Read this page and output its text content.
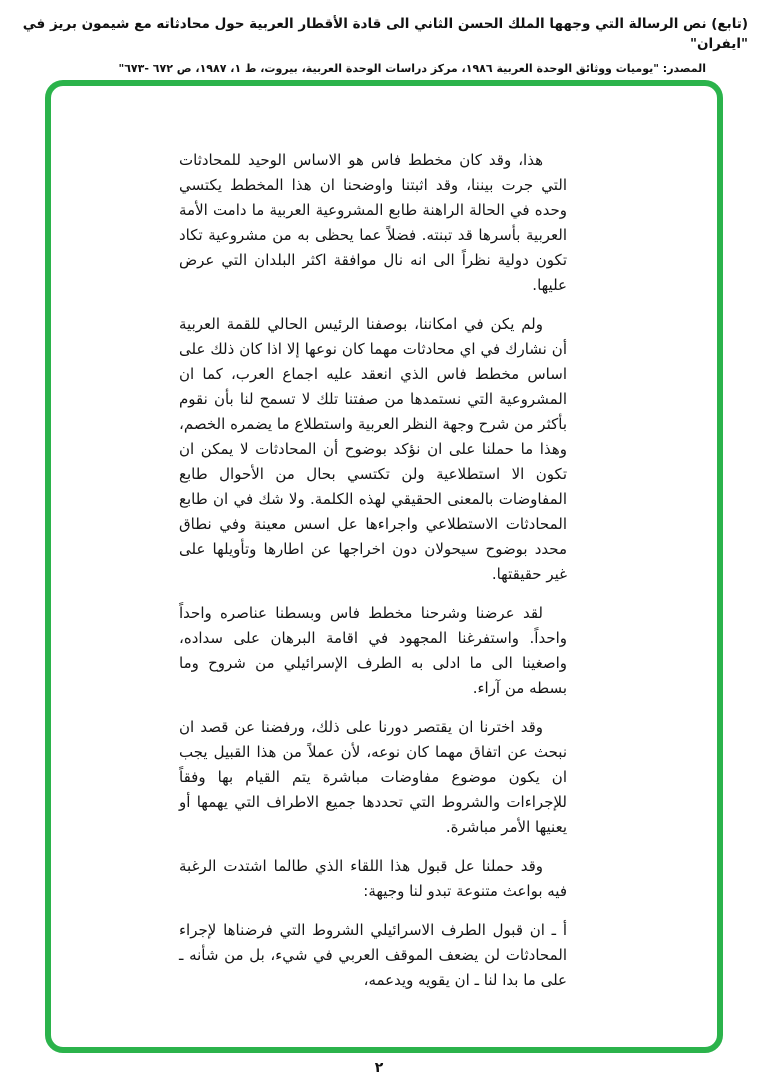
(تابع) نص الرسالة التي وجهها الملك الحسن الثاني الى قادة الأقطار العربية حول محادثاته مع شيمون بريز في "ايفران"
المصدر: "يوميات ووثائق الوحدة العربية ١٩٨٦، مركز دراسات الوحدة العربية، بيروت، ط ١، ١٩٨٧، ص ٦٧٢ -٦٧٣"

هذا، وقد كان مخطط فاس هو الاساس الوحيد للمحادثات التي جرت بيننا، وقد اثبتنا واوضحنا ان هذا المخطط يكتسي وحده في الحالة الراهنة طابع المشروعية العربية ما دامت الأمة العربية بأسرها قد تبنته. فضلاً عما يحظى به من مشروعية تكاد تكون دولية نظراً الى انه نال موافقة اكثر البلدان التي عرض عليها.

ولم يكن في امكاننا، بوصفنا الرئيس الحالي للقمة العربية أن نشارك في اي محادثات مهما كان نوعها إلا اذا كان ذلك على اساس مخطط فاس الذي انعقد عليه اجماع العرب، كما ان المشروعية التي نستمدها من صفتنا تلك لا تسمح لنا بأن نقوم بأكثر من شرح وجهة النظر العربية واستطلاع ما يضمره الخصم، وهذا ما حملنا على ان نؤكد بوضوح أن المحادثات لا يمكن ان تكون الا استطلاعية ولن تكتسي بحال من الأحوال طابع المفاوضات بالمعنى الحقيقي لهذه الكلمة. ولا شك في ان طابع المحادثات الاستطلاعي واجراءها عل اسس معينة وفي نطاق محدد بوضوح سيحولان دون اخراجها عن اطارها وتأويلها على غير حقيقتها.

لقد عرضنا وشرحنا مخطط فاس وبسطنا عناصره واحداً واحداً. واستفرغنا المجهود في اقامة البرهان على سداده، واصغينا الى ما ادلى به الطرف الإسرائيلي من شروح وما بسطه من آراء.

وقد اخترنا ان يقتصر دورنا على ذلك، ورفضنا عن قصد ان نبحث عن اتفاق مهما كان نوعه، لأن عملاً من هذا القبيل يجب ان يكون موضوع مفاوضات مباشرة يتم القيام بها وفقاً للإجراءات والشروط التي تحددها جميع الاطراف التي يهمها أو يعنيها الأمر مباشرة.

وقد حملنا عل قبول هذا اللقاء الذي طالما اشتدت الرغبة فيه بواعث متنوعة تبدو لنا وجيهة:

أ ـ ان قبول الطرف الاسرائيلي الشروط التي فرضناها لإجراء المحادثات لن يضعف الموقف العربي في شيء، بل من شأنه ـ على ما بدا لنا ـ ان يقويه ويدعمه،

٢
